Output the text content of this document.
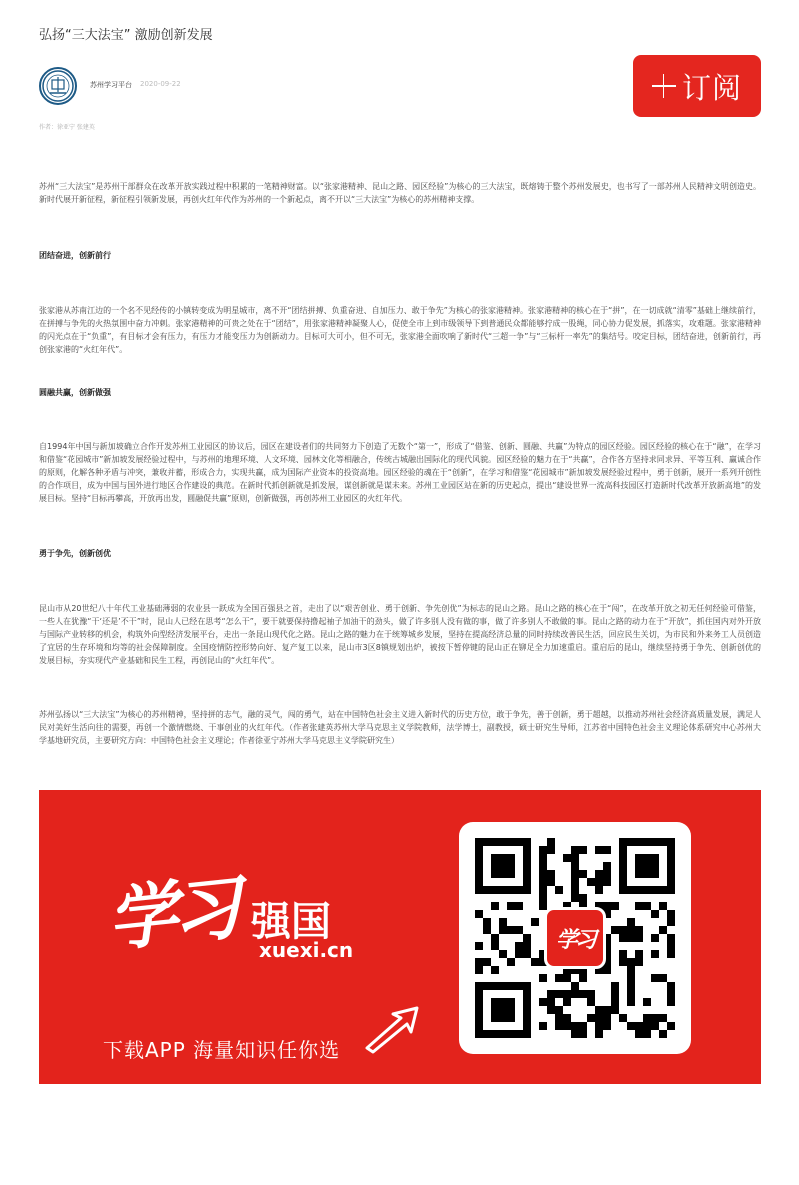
弘扬“三大法宝” 激励创新发展
苏州学习平台 2020-09-22
作者：徐亚宁 张建英
订阅

苏州“三大法宝”是苏州干部群众在改革开放实践过程中积累的一笔精神财富。以“张家港精神、昆山之路、园区经验”为核心的三大法宝，既熔铸于整个苏州发展史，也书写了一部苏州人民精神文明创造史。新时代展开新征程，新征程引领新发展，再创火红年代作为苏州的一个新起点，离不开以“三大法宝”为核心的苏州精神支撑。

团结奋进，创新前行

张家港从苏南江边的一个名不见经传的小镇转变成为明星城市，离不开“团结拼搏、负重奋进、自加压力、敢于争先”为核心的张家港精神。张家港精神的核心在于“拼”，在一切成就“清零”基础上继续前行，在拼搏与争先的火热氛围中奋力冲刺。张家港精神的可贵之处在于“团结”，用张家港精神凝聚人心，促使全市上到市级领导下到普通民众都能够拧成一股绳，同心协力促发展，抓落实，攻难题。张家港精神的闪光点在于“负重”，有目标才会有压力，有压力才能变压力为创新动力。目标可大可小，但不可无，张家港全面吹响了新时代“三超一争”与“三标杆一率先”的集结号。咬定目标，团结奋进，创新前行，再创张家港的“火红年代”。

圆融共赢，创新做强

自1994年中国与新加坡确立合作开发苏州工业园区的协议后，园区在建设者们的共同努力下创造了无数个“第一”，形成了“借鉴、创新、圆融、共赢”为特点的园区经验。园区经验的核心在于“融”，在学习和借鉴“花园城市”新加坡发展经验过程中，与苏州的地理环境、人文环境、园林文化等相融合，传统古城融出国际化的现代风貌。园区经验的魅力在于“共赢”，合作各方坚持求同求异、平等互利、赢诚合作的原则，化解各种矛盾与冲突，兼收并蓄，形成合力，实现共赢，成为国际产业资本的投资高地。园区经验的魂在于“创新”，在学习和借鉴“花园城市”新加坡发展经验过程中，勇于创新，展开一系列开创性的合作项目，成为中国与国外进行地区合作建设的典范。在新时代抓创新就是抓发展，谋创新就是谋未来。苏州工业园区站在新的历史起点，提出“建设世界一流高科技园区打造新时代改革开放新高地”的发展目标。坚持“目标再攀高，开放再出发，圆融促共赢”原则，创新做强，再创苏州工业园区的火红年代。

勇于争先，创新创优

昆山市从20世纪八十年代工业基础薄弱的农业县一跃成为全国百强县之首，走出了以“艰苦创业、勇于创新、争先创优”为标志的昆山之路。昆山之路的核心在于“闯”，在改革开放之初无任何经验可借鉴，一些人在犹豫“干‘还是’不干”时，昆山人已经在思考“怎么干”，要干就要保持撸起袖子加油干的劲头，做了许多别人没有做的事，做了许多别人不敢做的事。昆山之路的动力在于“开放”，抓住国内对外开放与国际产业转移的机会，构筑外向型经济发展平台，走出一条昆山现代化之路。昆山之路的魅力在于统筹城乡发展，坚持在提高经济总量的同时持续改善民生活，回应民生关切，为市民和外来务工人员创造了宜居的生存环境和均等的社会保障制度。全国疫情防控形势向好、复产复工以来，昆山市3区8镇规划出炉，被按下暂停键的昆山正在铆足全力加速重启。重启后的昆山，继续坚持勇于争先、创新创优的发展目标，夯实现代产业基础和民生工程，再创昆山的“火红年代”。

苏州弘扬以“三大法宝”为核心的苏州精神，坚持拼的志气，融的灵气，闯的勇气，站在中国特色社会主义进入新时代的历史方位，敢于争先，善于创新，勇于超越，以推动苏州社会经济高质量发展，满足人民对美好生活向往的需要，再创一个激情燃烧、干事创业的火红年代。（作者张建英苏州大学马克思主义学院教师，法学博士，副教授，硕士研究生导师，江苏省中国特色社会主义理论体系研究中心苏州大学基地研究员，主要研究方向：中国特色社会主义理论；作者徐亚宁苏州大学马克思主义学院研究生）

学习 强国
xuexi.cn
下载APP 海量知识任你选
学习
